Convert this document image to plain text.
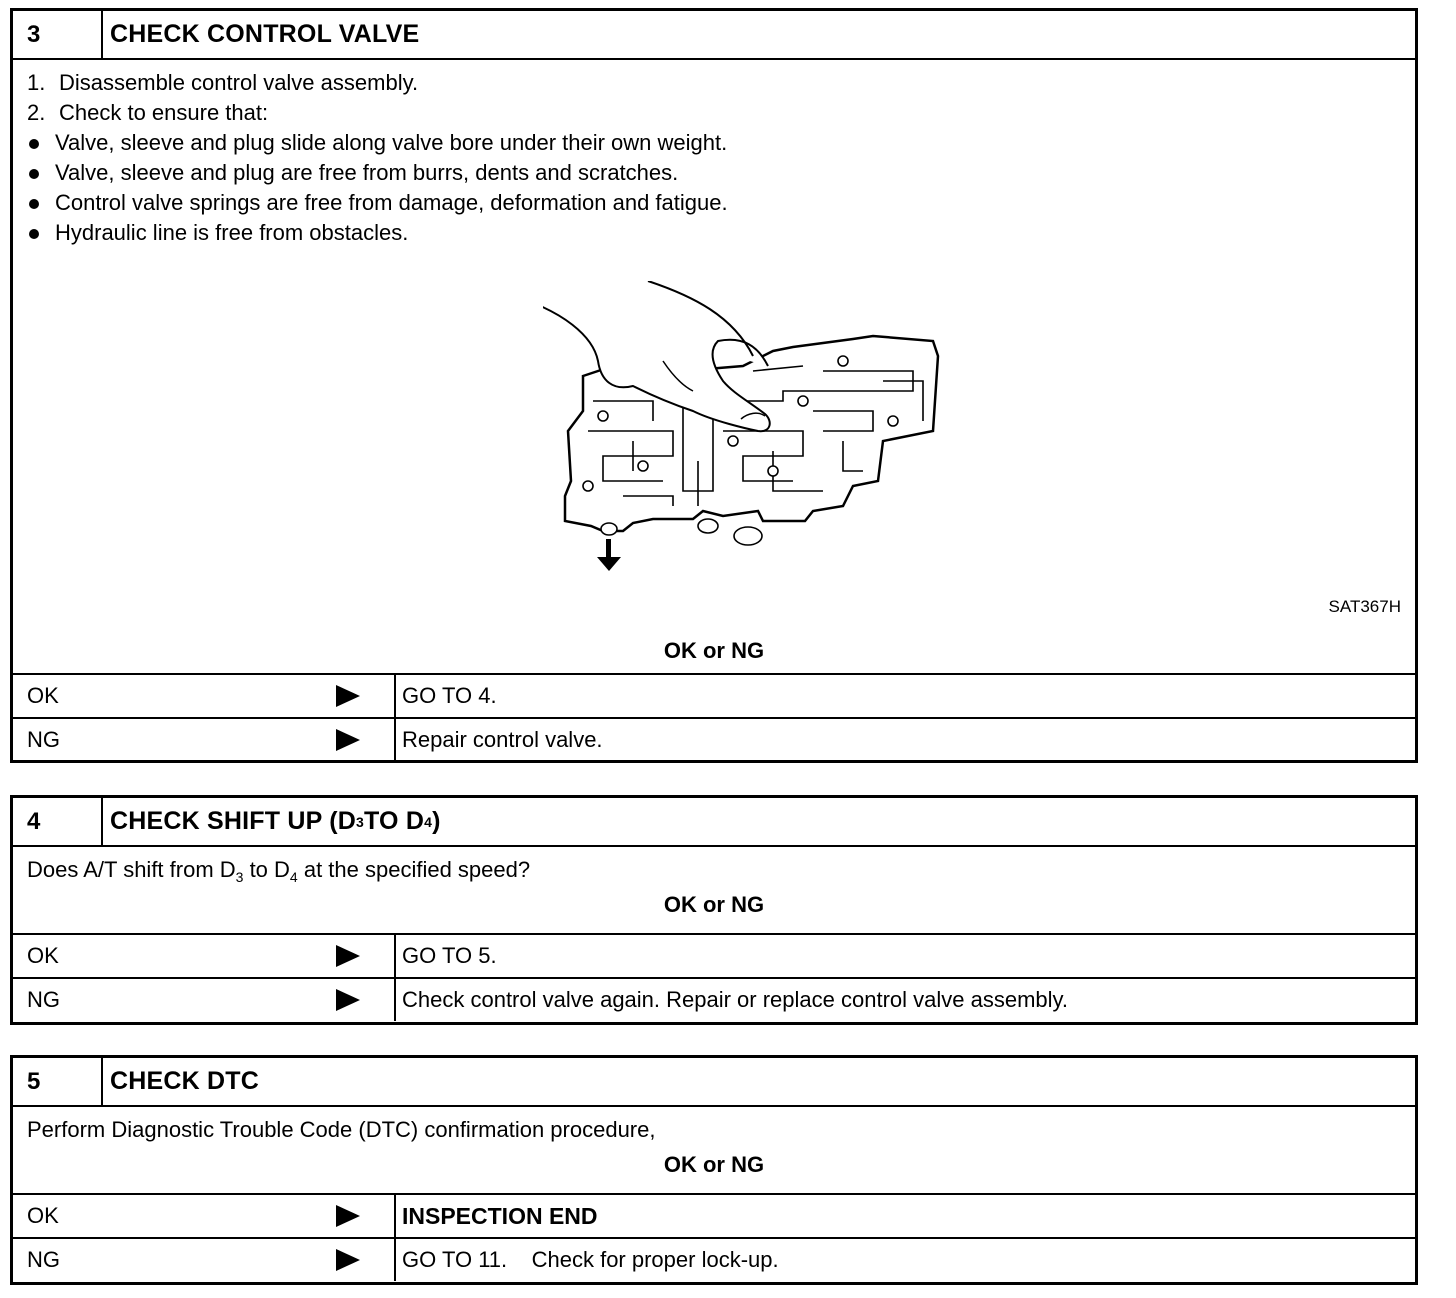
3	CHECK CONTROL VALVE
1. Disassemble control valve assembly.
2. Check to ensure that:
Valve, sleeve and plug slide along valve bore under their own weight.
Valve, sleeve and plug are free from burrs, dents and scratches.
Control valve springs are free from damage, deformation and fatigue.
Hydraulic line is free from obstacles.
SAT367H
OK or NG
OK	GO TO 4.
NG	Repair control valve.
4	CHECK SHIFT UP (D 3 TO D 4 )
Does A/T shift from $D_3$ to $D_4$ at the specified speed?
OK or NG
OK	GO TO 5.
NG	Check control valve again. Repair or replace control valve assembly.
5	CHECK DTC
Perform Diagnostic Trouble Code (DTC) confirmation procedure,
OK or NG
OK	INSPECTION END
NG	GO TO 11.    Check for proper lock-up.
